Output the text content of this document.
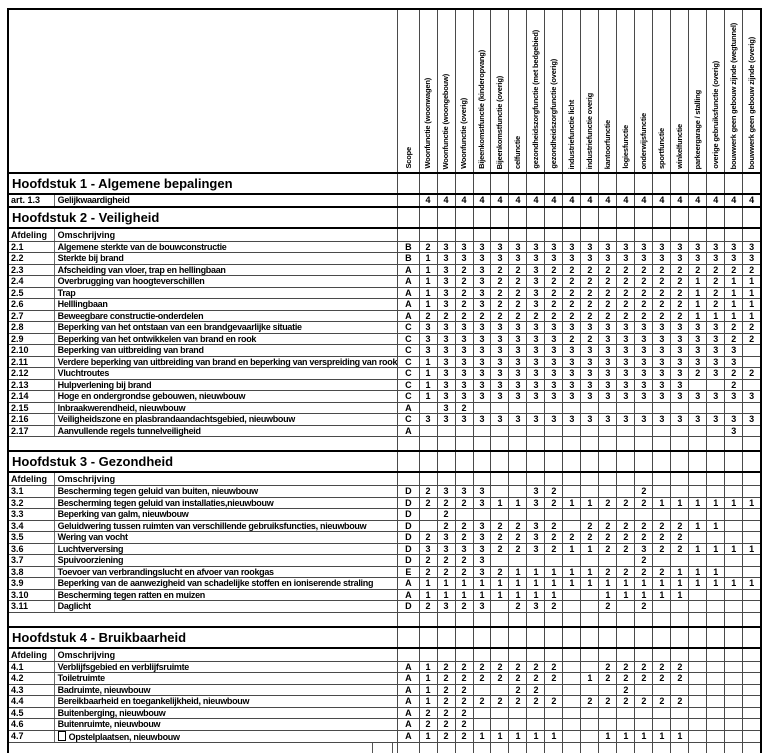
		Scope	Woonfunctie (woonwagen)	Woonfunctie (woongebouw)	Woonfunctie (overig)	Bijeenkomstfunctie (kinderopvang)	Bijeenkomstfunctie (overig)	celfunctie	gezondheidszorgfunctie (met bedgebied)	gezondheidszorgfunctie (overig)	industriefunctie licht	industriefunctie overig	kantoorfunctie	logiesfunctie	onderwijsfunctie	sportfunctie	winkelfunctie	parkeergarage / stalling	overige gebruiksfunctie (overig)	bouwwerk geen gebouw zijnde (wegtunnel)	bouwwerk geen gebouw zijnde (overig)

Hoofdstuk 1 - Algemene bepalingen																					
art. 1.3	Gelijkwaardigheid		4	4	4	4	4	4	4	4	4	4	4	4	4	4	4	4	4	4	4
Hoofdstuk 2 - Veiligheid																					
Afdeling	Omschrijving																				
2.1	Algemene sterkte van de bouwconstructie	B	2	3	3	3	3	3	3	3	3	3	3	3	3	3	3	3	3	3	3
2.2	Sterkte bij brand	B	1	3	3	3	3	3	3	3	3	3	3	3	3	3	3	3	3	3	3
2.3	Afscheiding van vloer, trap en hellingbaan	A	1	3	2	3	2	2	3	2	2	2	2	2	2	2	2	2	2	2	2
2.4	Overbrugging van hoogteverschillen	A	1	3	2	3	2	2	3	2	2	2	2	2	2	2	2	1	2	1	1
2.5	Trap	A	1	3	2	3	2	2	3	2	2	2	2	2	2	2	2	1	2	1	1
2.6	Helllingbaan	A	1	3	2	3	2	2	3	2	2	2	2	2	2	2	2	1	2	1	1
2.7	Beweegbare constructie-onderdelen	A	2	2	2	2	2	2	2	2	2	2	2	2	2	2	2	1	1	1	1
2.8	Beperking van het ontstaan van een brandgevaarlijke situatie	C	3	3	3	3	3	3	3	3	3	3	3	3	3	3	3	3	3	2	2
2.9	Beperking van het ontwikkelen van brand en rook	C	3	3	3	3	3	3	3	3	2	2	3	3	3	3	3	3	3	2	2
2.10	Beperking van uitbreiding van brand	C	3	3	3	3	3	3	3	3	3	3	3	3	3	3	3	3	3	3	
2.11	Verdere beperking van uitbreiding van brand en beperking van verspreiding van rook	C	1	3	3	3	3	3	3	3	3	3	3	3	3	3	3	3	3	3	
2.12	Vluchtroutes	C	1	3	3	3	3	3	3	3	3	3	3	3	3	3	3	2	3	2	2
2.13	Hulpverlening bij brand	C	1	3	3	3	3	3	3	3	3	3	3	3	3	3	3			2	
2.14	Hoge en ondergrondse gebouwen, nieuwbouw	C	1	3	3	3	3	3	3	3	3	3	3	3	3	3	3	3	3	3	3
2.15	Inbraakwerendheid, nieuwbouw	A		3	2																
2.16	Veiligheidszone en plasbrandaandachtsgebied, nieuwbouw	C	3	3	3	3	3	3	3	3	3	3	3	3	3	3	3	3	3	3	3
2.17	Aanvullende regels tunnelveiligheid	A																		3	

Hoofdstuk 3 - Gezondheid																					
Afdeling	Omschrijving																				
3.1	Bescherming tegen geluid van buiten, nieuwbouw	D	2	3	3	3			3	2					2						
3.2	Bescherming tegen geluid van installaties,nieuwbouw	D	2	2	2	3	1	1	3	2	1	1	2	2	2	1	1	1	1	1	1
3.3	Beperking van galm, nieuwbouw	D		2																	
3.4	Geluidwering tussen ruimten van verschillende gebruiksfuncties, nieuwbouw	D		2	2	3	2	2	3	2		2	2	2	2	2	2	1	1		
3.5	Wering van vocht	D	2	3	2	3	2	2	3	2	2	2	2	2	2	2	2				
3.6	Luchtverversing	D	3	3	3	3	2	2	3	2	1	1	2	2	3	2	2	1	1	1	1
3.7	Spuivoorziening	D	2	2	2	3									2						
3.8	Toevoer van verbrandingslucht en afvoer van rookgas	E	2	2	2	3	2	1	1	1	1	1	2	2	2	2	1	1	1		
3.9	Beperking van de aanwezigheid van schadelijke stoffen en ioniserende straling	A	1	1	1	1	1	1	1	1	1	1	1	1	1	1	1	1	1	1	1
3.10	Bescherming tegen ratten en muizen	A	1	1	1	1	1	1	1	1			1	1	1	1	1				
3.11	Daglicht	D	2	3	2	3		2	3	2			2		2						

Hoofdstuk 4 - Bruikbaarheid																					
Afdeling	Omschrijving																				
4.1	Verblijfsgebied en verblijfsruimte	A	1	2	2	2	2	2	2	2			2	2	2	2	2				
4.2	Toiletruimte	A	1	2	2	2	2	2	2	2		1	2	2	2	2	2				
4.3	Badruimte, nieuwbouw	A	1	2	2			2	2					2							
4.4	Bereikbaarheid en toegankelijkheid, nieuwbouw	A	1	2	2	2	2	2	2	2		2	2	2	2	2	2				
4.5	Buitenberging, nieuwbouw	A	2	2	2																
4.6	Buitenruimte, nieuwbouw	A	2	2	2																
4.7	Opstelplaatsen, nieuwbouw	A	1	2	2	1	1	1	1	1			1	1	1	1	1				
